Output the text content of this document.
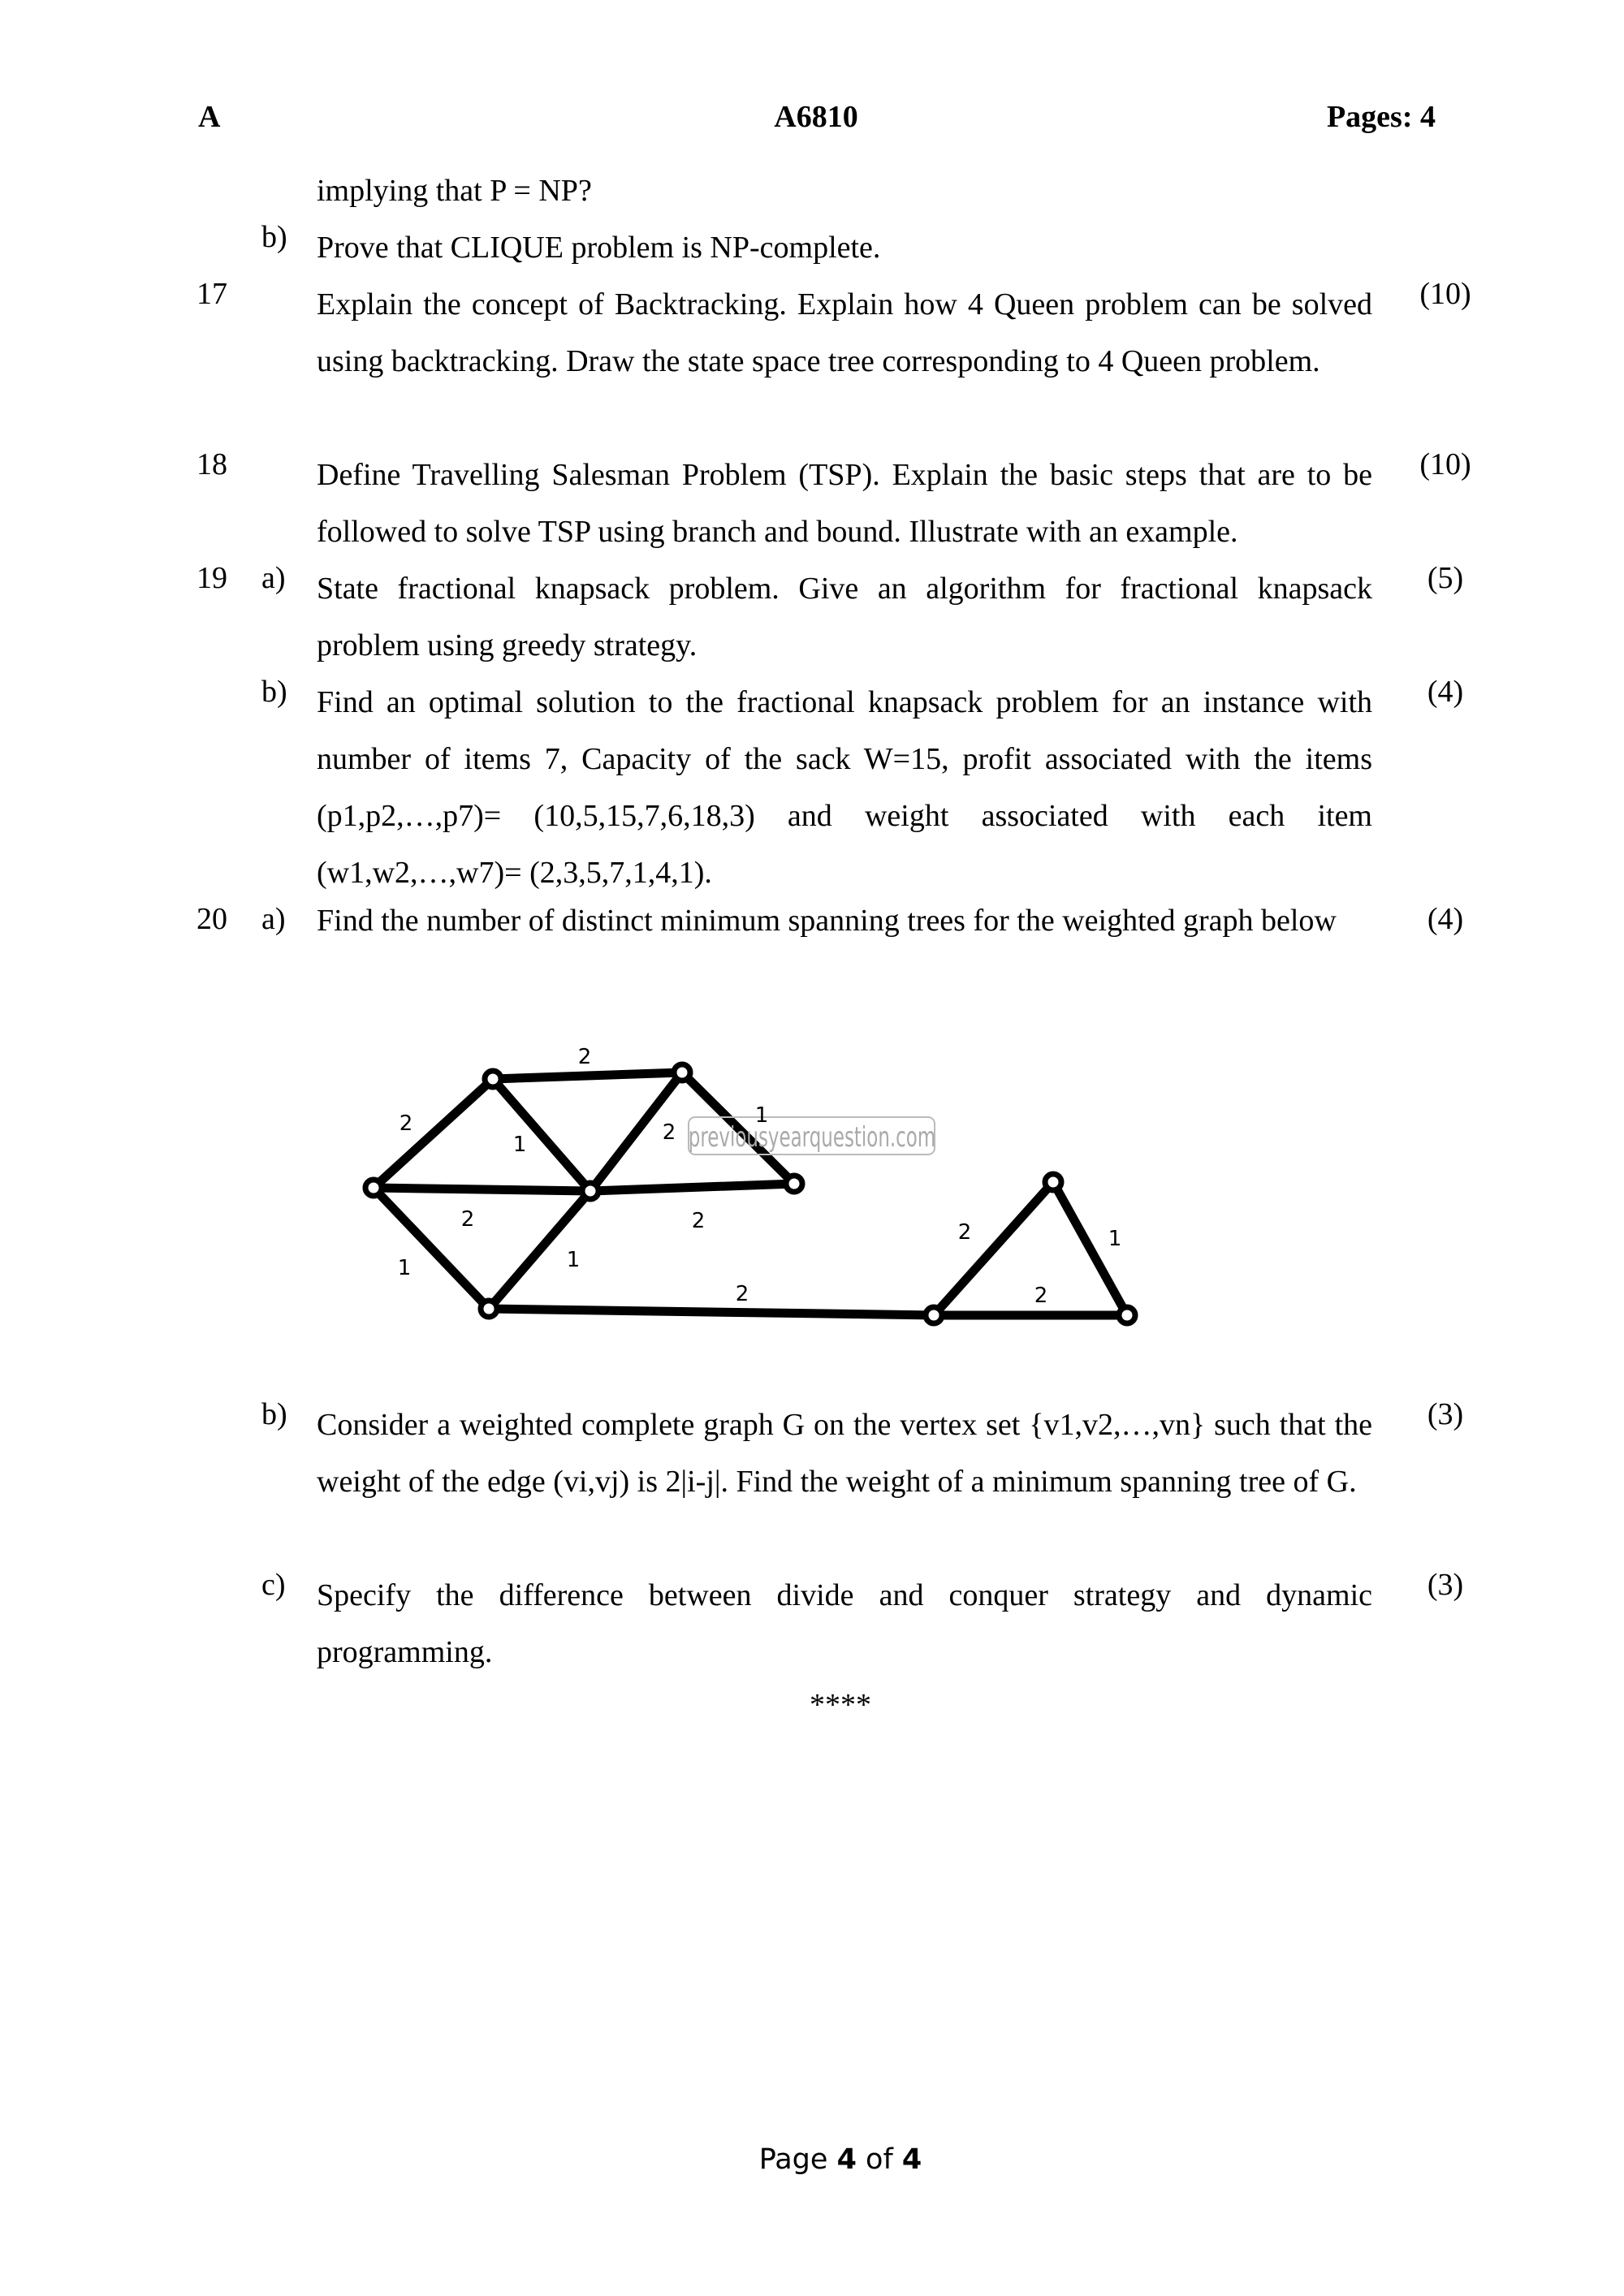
A	A6810	Pages: 4
implying that P = NP?
b) Prove that CLIQUE problem is NP-complete.
17	Explain the concept of Backtracking. Explain how 4 Queen problem can be solved using backtracking. Draw the state space tree corresponding to 4 Queen problem.
(10)
18	Define Travelling Salesman Problem (TSP). Explain the basic steps that are to be followed to solve TSP using branch and bound. Illustrate with an example.
(10)
19	a) State fractional knapsack problem. Give an algorithm for fractional knapsack problem using greedy strategy.
(5)
b) Find an optimal solution to the fractional knapsack problem for an instance with number of items 7, Capacity of the sack W=15, profit associated with the items (p1,p2,…,p7)= (10,5,15,7,6,18,3) and weight associated with each item (w1,w2,…,w7)= (2,3,5,7,1,4,1).
(4)
20	a) Find the number of distinct minimum spanning trees for the weighted graph below	(4)
previousyearquestion.com
2
2
1	2
1
2	2
1	1
2
2
2
1
b) Consider a weighted complete graph G on the vertex set {v1,v2,…,vn} such that the weight of the edge (vi,vj) is 2|i-j|. Find the weight of a minimum spanning tree of G.
(3)
c) Specify the difference between divide and conquer strategy and dynamic programming.
(3)
****
Page 4 of 4
